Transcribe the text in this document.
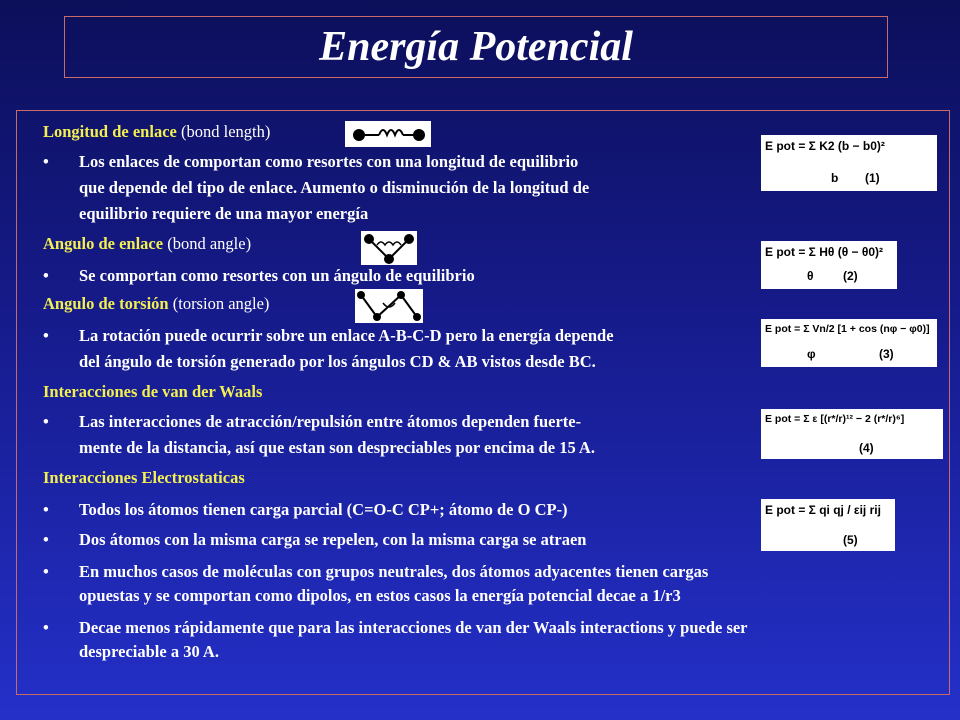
Energía Potencial
Longitud de enlace (bond length)
•	Los enlaces de comportan como resortes con una longitud de equilibrio
que depende del tipo de enlace. Aumento o disminución de la longitud de
equilibrio requiere de una mayor energía
Angulo de enlace (bond angle)
•	Se comportan como resortes con un ángulo de equilibrio
Angulo de torsión (torsion angle)
•	La rotación puede ocurrir sobre un enlace A-B-C-D pero la energía depende
del ángulo de torsión generado por los ángulos CD & AB vistos desde BC.
Interacciones de van der Waals
•	Las interacciones de atracción/repulsión entre átomos dependen fuerte-
mente de la distancia, así que estan son despreciables por encima de 15 A.
Interacciones Electrostaticas
•	Todos los átomos tienen carga parcial (C=O-C CP+; átomo de O CP-)
•	Dos átomos con la misma carga se repelen, con la misma carga se atraen
•	En muchos casos de moléculas con grupos neutrales, dos átomos adyacentes tienen cargas
opuestas y se comportan como dipolos, en estos casos la energía potencial decae a 1/r3
•	Decae menos rápidamente que para las interacciones de van der Waals interactions y puede ser
despreciable a 30 A.
E pot = Σ K2 (b − b0)²
b (1)
E pot = Σ Hθ (θ − θ0)²
θ (2)
E pot = Σ Vn/2 [1 + cos (nφ − φ0)]
φ	(3)
E pot = Σ ε [(r*/r)¹² − 2 (r*/r)⁶]
(4)
E pot = Σ qi qj / εij rij
(5)
